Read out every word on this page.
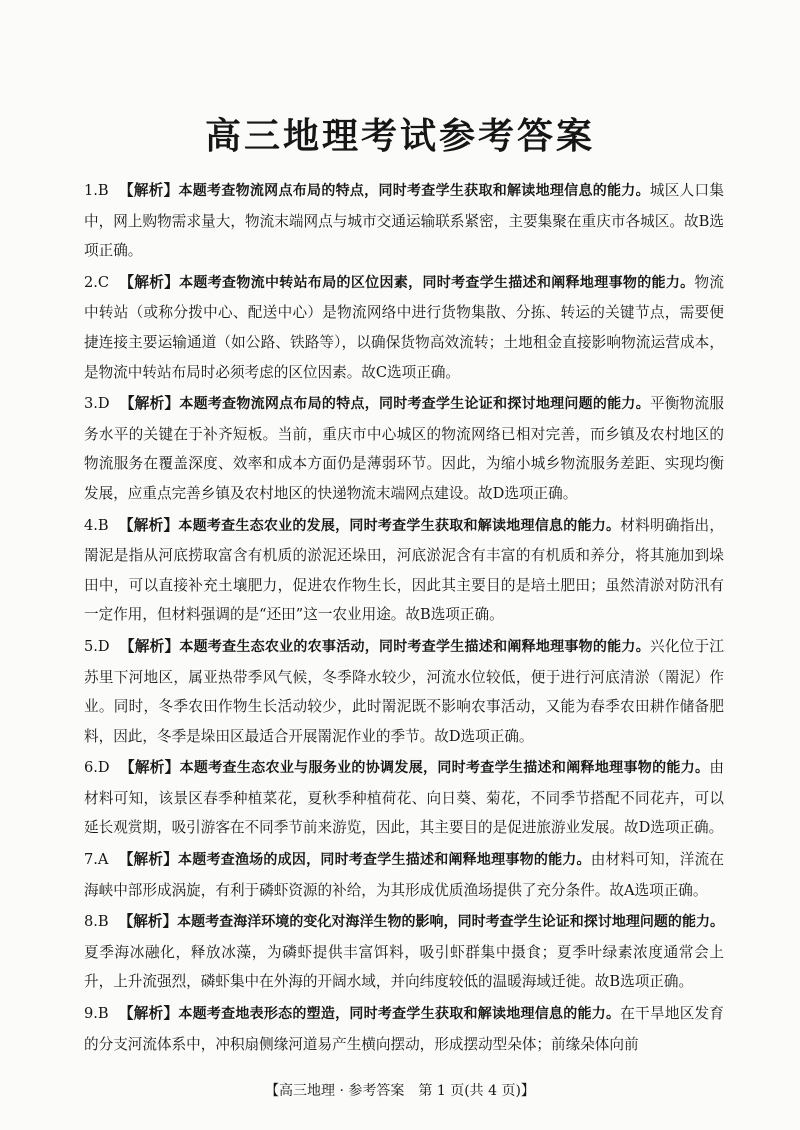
高三地理考试参考答案
1.B 【解析】本题考查物流网点布局的特点，同时考查学生获取和解读地理信息的能力。城区人口集中，网上购物需求量大，物流末端网点与城市交通运输联系紧密，主要集聚在重庆市各城区。故B选项正确。
2.C 【解析】本题考查物流中转站布局的区位因素，同时考查学生描述和阐释地理事物的能力。物流中转站（或称分拨中心、配送中心）是物流网络中进行货物集散、分拣、转运的关键节点，需要便捷连接主要运输通道（如公路、铁路等），以确保货物高效流转；土地租金直接影响物流运营成本，是物流中转站布局时必须考虑的区位因素。故C选项正确。
3.D 【解析】本题考查物流网点布局的特点，同时考查学生论证和探讨地理问题的能力。平衡物流服务水平的关键在于补齐短板。当前，重庆市中心城区的物流网络已相对完善，而乡镇及农村地区的物流服务在覆盖深度、效率和成本方面仍是薄弱环节。因此，为缩小城乡物流服务差距、实现均衡发展，应重点完善乡镇及农村地区的快递物流末端网点建设。故D选项正确。
4.B 【解析】本题考查生态农业的发展，同时考查学生获取和解读地理信息的能力。材料明确指出，罱泥是指从河底捞取富含有机质的淤泥还垛田，河底淤泥含有丰富的有机质和养分，将其施加到垛田中，可以直接补充土壤肥力，促进农作物生长，因此其主要目的是培土肥田；虽然清淤对防汛有一定作用，但材料强调的是“还田”这一农业用途。故B选项正确。
5.D 【解析】本题考查生态农业的农事活动，同时考查学生描述和阐释地理事物的能力。兴化位于江苏里下河地区，属亚热带季风气候，冬季降水较少，河流水位较低，便于进行河底清淤（罱泥）作业。同时，冬季农田作物生长活动较少，此时罱泥既不影响农事活动，又能为春季农田耕作储备肥料，因此，冬季是垛田区最适合开展罱泥作业的季节。故D选项正确。
6.D 【解析】本题考查生态农业与服务业的协调发展，同时考查学生描述和阐释地理事物的能力。由材料可知，该景区春季种植菜花，夏秋季种植荷花、向日葵、菊花，不同季节搭配不同花卉，可以延长观赏期，吸引游客在不同季节前来游览，因此，其主要目的是促进旅游业发展。故D选项正确。
7.A 【解析】本题考查渔场的成因，同时考查学生描述和阐释地理事物的能力。由材料可知，洋流在海峡中部形成涡旋，有利于磷虾资源的补给，为其形成优质渔场提供了充分条件。故A选项正确。
8.B 【解析】本题考查海洋环境的变化对海洋生物的影响，同时考查学生论证和探讨地理问题的能力。夏季海冰融化，释放冰藻，为磷虾提供丰富饵料，吸引虾群集中摄食；夏季叶绿素浓度通常会上升，上升流强烈，磷虾集中在外海的开阔水域，并向纬度较低的温暖海域迁徙。故B选项正确。
9.B 【解析】本题考查地表形态的塑造，同时考查学生获取和解读地理信息的能力。在干旱地区发育的分支河流体系中，冲积扇侧缘河道易产生横向摆动，形成摆动型朵体；前缘朵体向前
【高三地理 · 参考答案　第 1 页(共 4 页)】
